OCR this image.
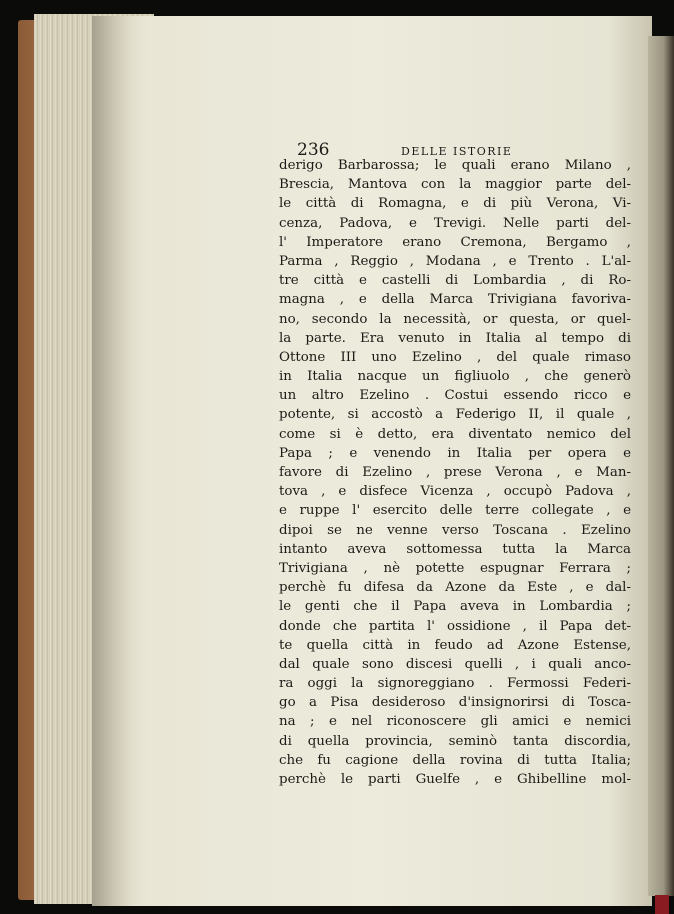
236	DELLE ISTORIE
derigo Barbarossa; le quali erano Milano ,
Brescia, Mantova con la maggior parte del-
le città di Romagna, e di più Verona, Vi-
cenza, Padova, e Trevigi. Nelle parti del-
l' Imperatore erano Cremona, Bergamo ,
Parma , Reggio , Modana , e Trento . L'al-
tre città e castelli di Lombardia , di Ro-
magna , e della Marca Trivigiana favoriva-
no, secondo la necessità, or questa, or quel-
la parte. Era venuto in Italia al tempo di
Ottone III uno Ezelino , del quale rimaso
in Italia nacque un figliuolo , che generò
un altro Ezelino . Costui essendo ricco e
potente, si accostò a Federigo II, il quale ,
come si è detto, era diventato nemico del
Papa ; e venendo in Italia per opera e
favore di Ezelino , prese Verona , e Man-
tova , e disfece Vicenza , occupò Padova ,
e ruppe l' esercito delle terre collegate , e
dipoi se ne venne verso Toscana . Ezelino
intanto aveva sottomessa tutta la Marca
Trivigiana , nè potette espugnar Ferrara ;
perchè fu difesa da Azone da Este , e dal-
le genti che il Papa aveva in Lombardia ;
donde che partita l' ossidione , il Papa det-
te quella città in feudo ad Azone Estense,
dal quale sono discesi quelli , i quali anco-
ra oggi la signoreggiano . Fermossi Federi-
go a Pisa desideroso d'insignorirsi di Tosca-
na ; e nel riconoscere gli amici e nemici
di quella provincia, seminò tanta discordia,
che fu cagione della rovina di tutta Italia;
perchè le parti Guelfe , e Ghibelline mol-
